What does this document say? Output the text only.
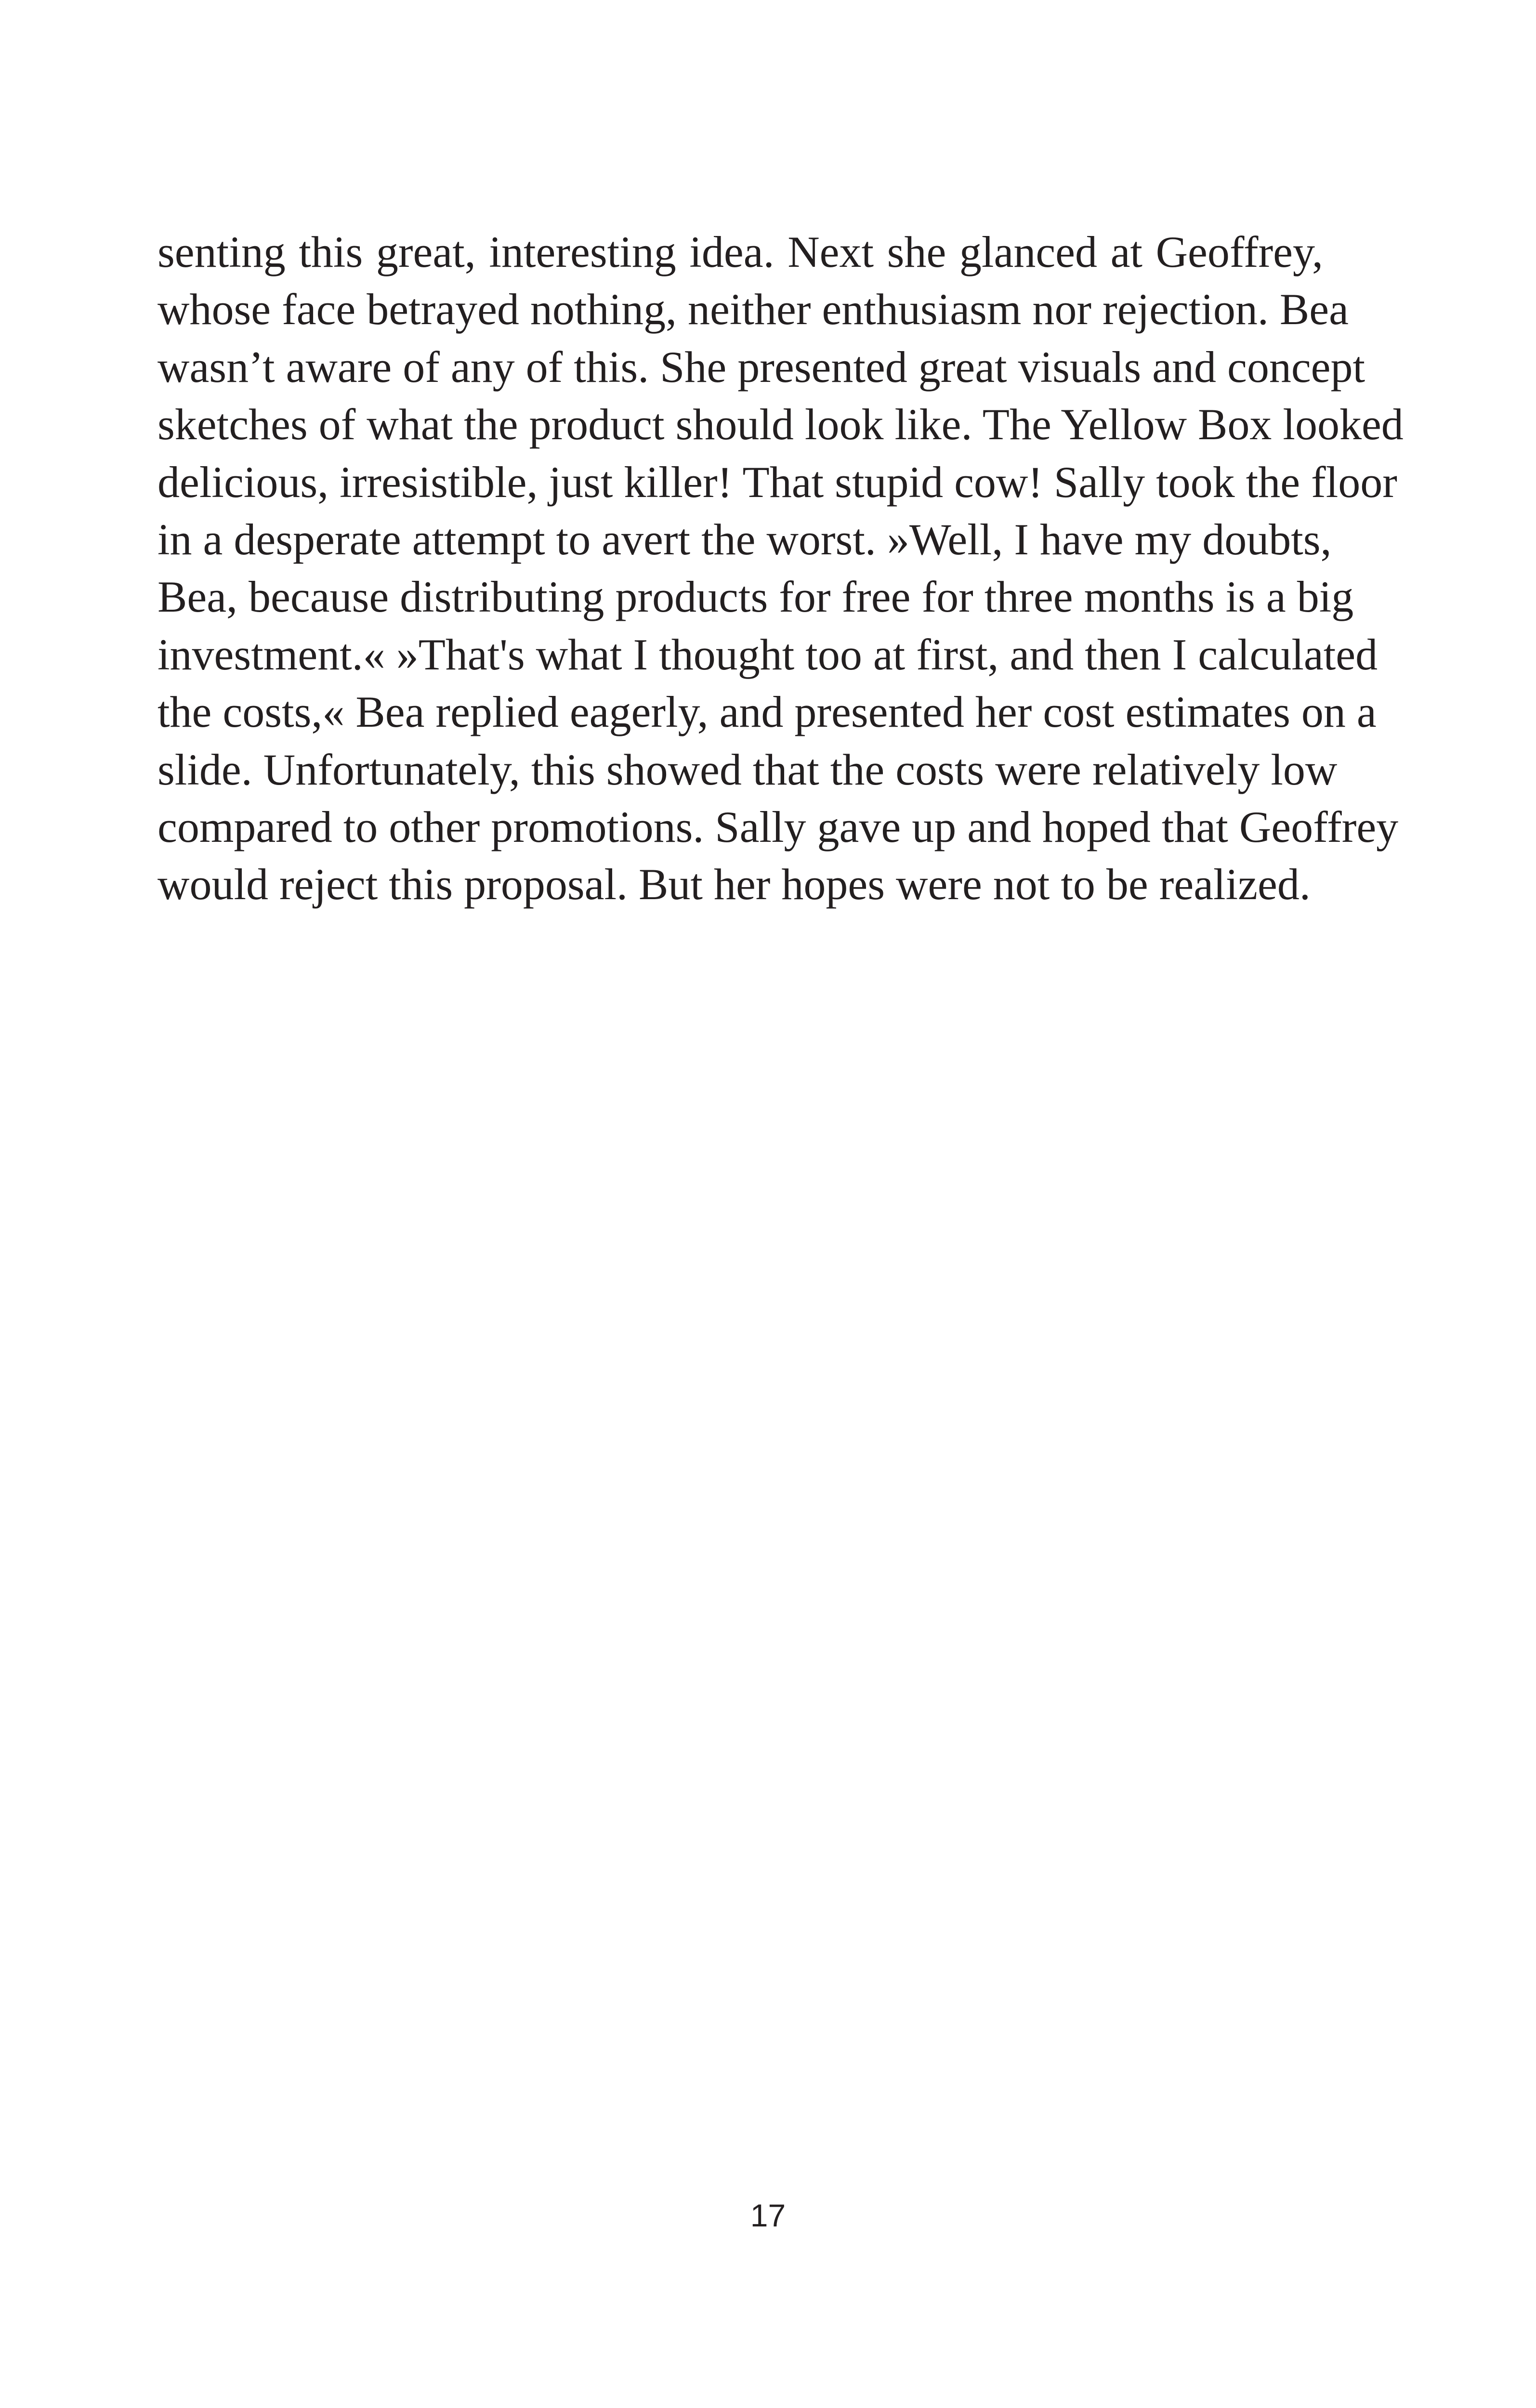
senting this great, interesting idea. Next she glanced at Geoffrey,
whose face betrayed nothing, neither enthusiasm nor rejection. Bea
wasn’t aware of any of this. She presented great visuals and concept
sketches of what the product should look like. The Yellow Box looked
delicious, irresistible, just killer! That stupid cow! Sally took the floor
in a desperate attempt to avert the worst. »Well, I have my doubts,
Bea, because distributing products for free for three months is a big
investment.« »That's what I thought too at first, and then I calculated
the costs,« Bea replied eagerly, and presented her cost estimates on a
slide. Unfortunately, this showed that the costs were relatively low
compared to other promotions. Sally gave up and hoped that Geoffrey
would reject this proposal. But her hopes were not to be realized.
17
